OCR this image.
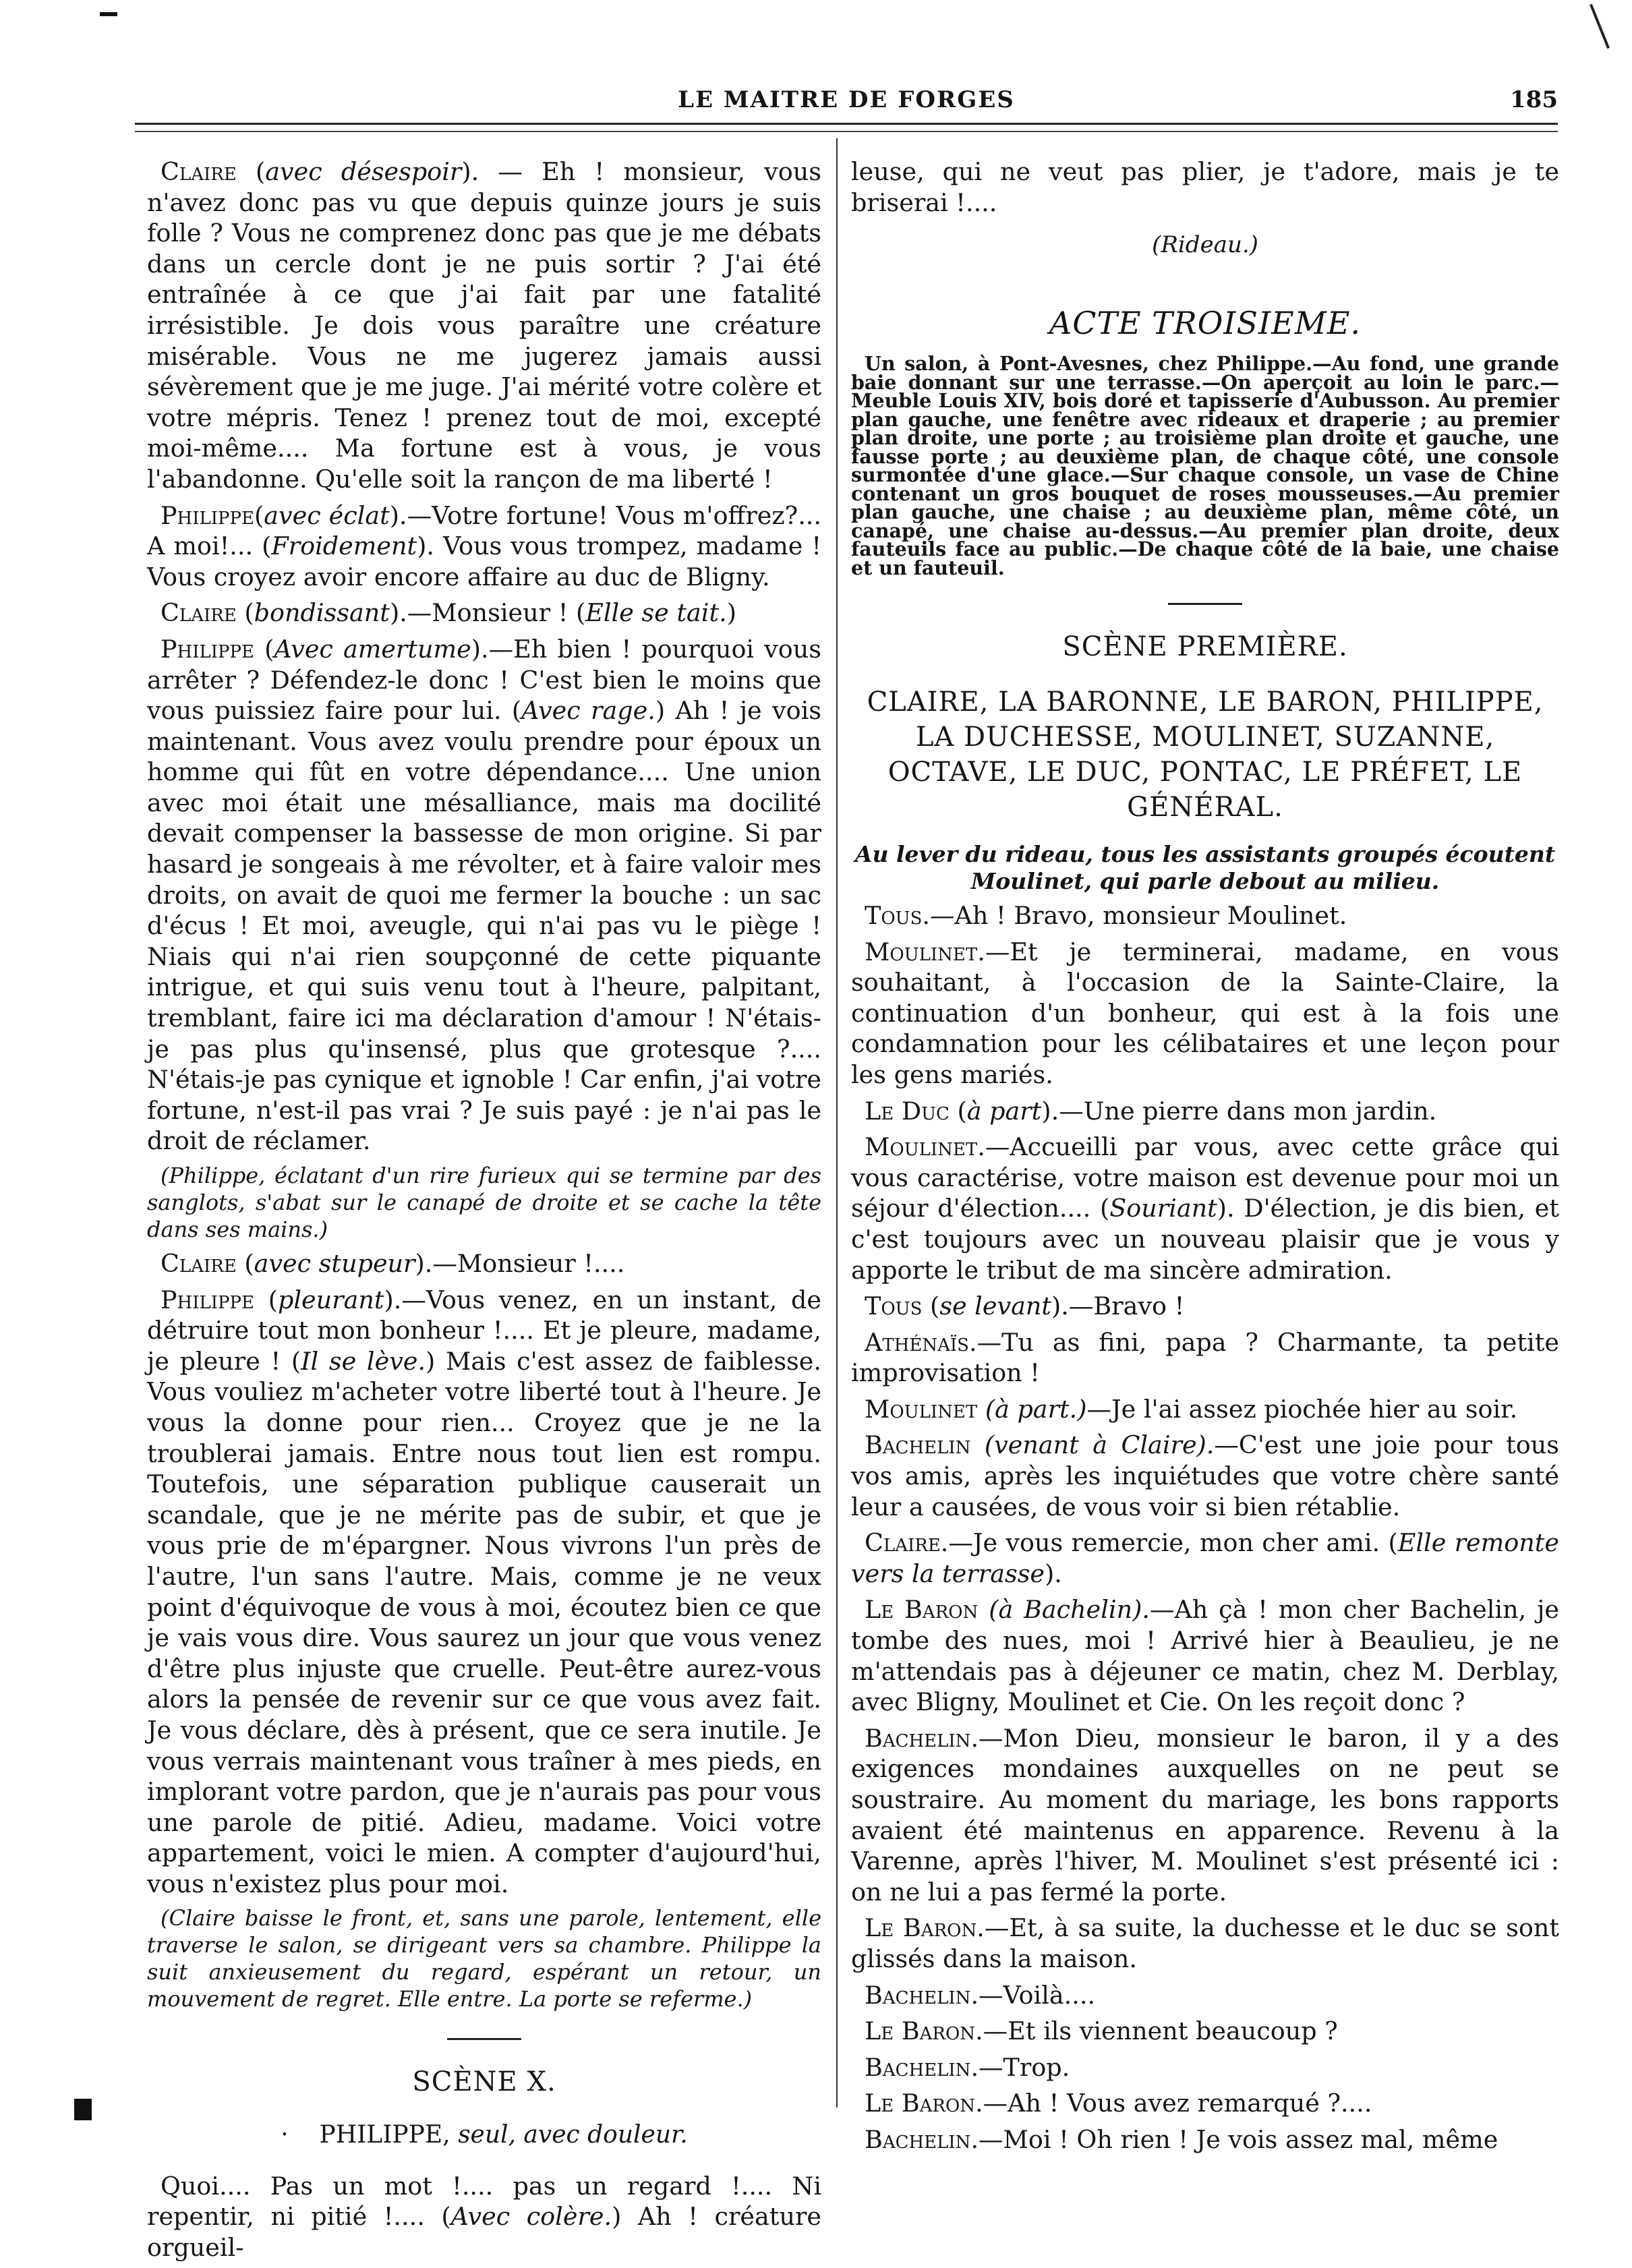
LE MAITRE DE FORGES	185

Claire (avec désespoir). — Eh ! monsieur, vous n'avez donc pas vu que depuis quinze jours je suis folle ? Vous ne comprenez donc pas que je me débats dans un cercle dont je ne puis sortir ? J'ai été entraînée à ce que j'ai fait par une fatalité irrésistible. Je dois vous paraître une créature misérable. Vous ne me jugerez jamais aussi sévèrement que je me juge. J'ai mérité votre colère et votre mépris. Tenez ! prenez tout de moi, excepté moi-même.... Ma fortune est à vous, je vous l'abandonne. Qu'elle soit la rançon de ma liberté !

Philippe(avec éclat).—Votre fortune! Vous m'offrez?... A moi!... (Froidement). Vous vous trompez, madame ! Vous croyez avoir encore affaire au duc de Bligny.

Claire (bondissant).—Monsieur ! (Elle se tait.)

Philippe (Avec amertume).—Eh bien ! pourquoi vous arrêter ? Défendez-le donc ! C'est bien le moins que vous puissiez faire pour lui. (Avec rage.) Ah ! je vois maintenant. Vous avez voulu prendre pour époux un homme qui fût en votre dépendance.... Une union avec moi était une mésalliance, mais ma docilité devait compenser la bassesse de mon origine. Si par hasard je songeais à me révolter, et à faire valoir mes droits, on avait de quoi me fermer la bouche : un sac d'écus ! Et moi, aveugle, qui n'ai pas vu le piège ! Niais qui n'ai rien soupçonné de cette piquante intrigue, et qui suis venu tout à l'heure, palpitant, tremblant, faire ici ma déclaration d'amour ! N'étais-je pas plus qu'insensé, plus que grotesque ?.... N'étais-je pas cynique et ignoble ! Car enfin, j'ai votre fortune, n'est-il pas vrai ? Je suis payé : je n'ai pas le droit de réclamer.

(Philippe, éclatant d'un rire furieux qui se termine par des sanglots, s'abat sur le canapé de droite et se cache la tête dans ses mains.)

Claire (avec stupeur).—Monsieur !....

Philippe (pleurant).—Vous venez, en un instant, de détruire tout mon bonheur !.... Et je pleure, madame, je pleure ! (Il se lève.) Mais c'est assez de faiblesse. Vous vouliez m'acheter votre liberté tout à l'heure. Je vous la donne pour rien... Croyez que je ne la troublerai jamais. Entre nous tout lien est rompu. Toutefois, une séparation publique causerait un scandale, que je ne mérite pas de subir, et que je vous prie de m'épargner. Nous vivrons l'un près de l'autre, l'un sans l'autre. Mais, comme je ne veux point d'équivoque de vous à moi, écoutez bien ce que je vais vous dire. Vous saurez un jour que vous venez d'être plus injuste que cruelle. Peut-être aurez-vous alors la pensée de revenir sur ce que vous avez fait. Je vous déclare, dès à présent, que ce sera inutile. Je vous verrais maintenant vous traîner à mes pieds, en implorant votre pardon, que je n'aurais pas pour vous une parole de pitié. Adieu, madame. Voici votre appartement, voici le mien. A compter d'aujourd'hui, vous n'existez plus pour moi.

(Claire baisse le front, et, sans une parole, lentement, elle traverse le salon, se dirigeant vers sa chambre. Philippe la suit anxieusement du regard, espérant un retour, un mouvement de regret. Elle entre. La porte se referme.)

SCÈNE X.

· PHILIPPE, seul, avec douleur.

Quoi.... Pas un mot !.... pas un regard !.... Ni repentir, ni pitié !.... (Avec colère.) Ah ! créature orgueil-

leuse, qui ne veut pas plier, je t'adore, mais je te briserai !....

(Rideau.)
ACTE TROISIEME.

Un salon, à Pont-Avesnes, chez Philippe.—Au fond, une grande baie donnant sur une terrasse.—On aperçoit au loin le parc.—Meuble Louis XIV, bois doré et tapisserie d'Aubusson. Au premier plan gauche, une fenêtre avec rideaux et draperie ; au premier plan droite, une porte ; au troisième plan droite et gauche, une fausse porte ; au deuxième plan, de chaque côté, une console surmontée d'une glace.—Sur chaque console, un vase de Chine contenant un gros bouquet de roses mousseuses.—Au premier plan gauche, une chaise ; au deuxième plan, même côté, un canapé, une chaise au-dessus.—Au premier plan droite, deux fauteuils face au public.—De chaque côté de la baie, une chaise et un fauteuil.

SCÈNE PREMIÈRE.
CLAIRE, LA BARONNE, LE BARON, PHILIPPE, LA DUCHESSE, MOULINET, SUZANNE, OCTAVE, LE DUC, PONTAC, LE PRÉFET, LE GÉNÉRAL.

Au lever du rideau, tous les assistants groupés écoutent Moulinet, qui parle debout au milieu.

Tous.—Ah ! Bravo, monsieur Moulinet.

Moulinet.—Et je terminerai, madame, en vous souhaitant, à l'occasion de la Sainte-Claire, la continuation d'un bonheur, qui est à la fois une condamnation pour les célibataires et une leçon pour les gens mariés.

Le Duc (à part).—Une pierre dans mon jardin.

Moulinet.—Accueilli par vous, avec cette grâce qui vous caractérise, votre maison est devenue pour moi un séjour d'élection.... (Souriant). D'élection, je dis bien, et c'est toujours avec un nouveau plaisir que je vous y apporte le tribut de ma sincère admiration.

Tous (se levant).—Bravo !

Athénaïs.—Tu as fini, papa ? Charmante, ta petite improvisation !

Moulinet (à part.)—Je l'ai assez piochée hier au soir.

Bachelin (venant à Claire).—C'est une joie pour tous vos amis, après les inquiétudes que votre chère santé leur a causées, de vous voir si bien rétablie.

Claire.—Je vous remercie, mon cher ami. (Elle remonte vers la terrasse).

Le Baron (à Bachelin).—Ah çà ! mon cher Bachelin, je tombe des nues, moi ! Arrivé hier à Beaulieu, je ne m'attendais pas à déjeuner ce matin, chez M. Derblay, avec Bligny, Moulinet et Cie. On les reçoit donc ?

Bachelin.—Mon Dieu, monsieur le baron, il y a des exigences mondaines auxquelles on ne peut se soustraire. Au moment du mariage, les bons rapports avaient été maintenus en apparence. Revenu à la Varenne, après l'hiver, M. Moulinet s'est présenté ici : on ne lui a pas fermé la porte.

Le Baron.—Et, à sa suite, la duchesse et le duc se sont glissés dans la maison.

Bachelin.—Voilà....

Le Baron.—Et ils viennent beaucoup ?

Bachelin.—Trop.

Le Baron.—Ah ! Vous avez remarqué ?....

Bachelin.—Moi ! Oh rien ! Je vois assez mal, même
